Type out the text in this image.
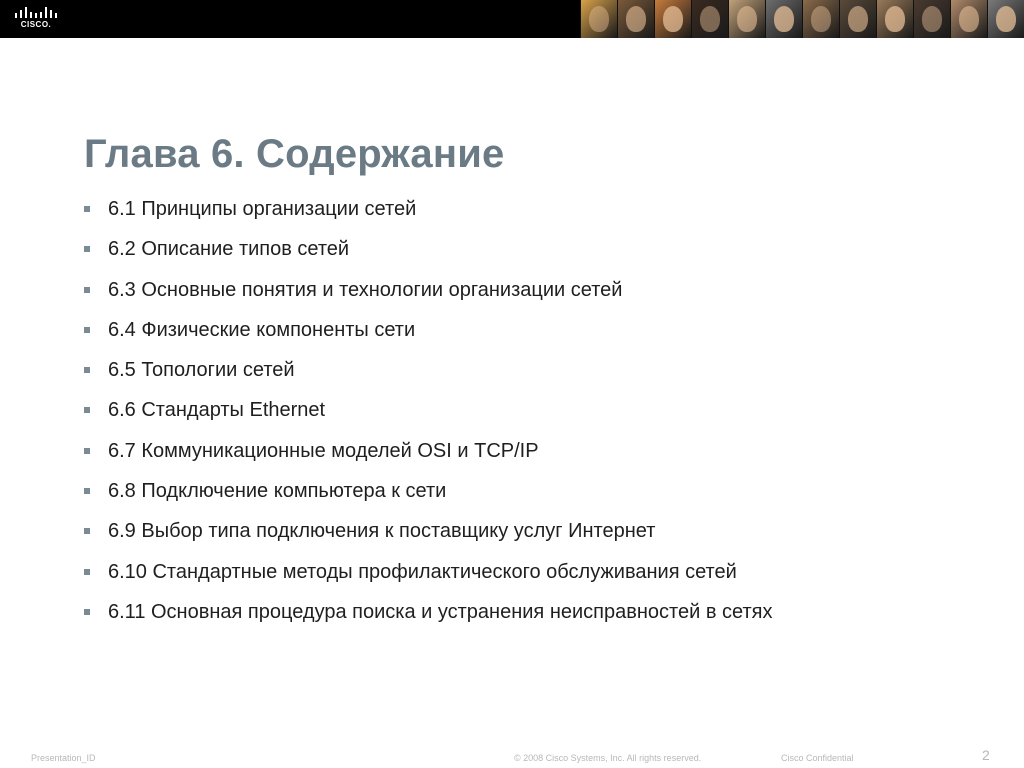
CISCO.
Глава 6. Содержание
6.1 Принципы организации сетей
6.2 Описание типов сетей
6.3 Основные понятия и технологии организации сетей
6.4 Физические компоненты сети
6.5 Топологии сетей
6.6 Стандарты Ethernet
6.7 Коммуникационные моделей OSI и TCP/IP
6.8 Подключение компьютера к сети
6.9 Выбор типа подключения к поставщику услуг Интернет
6.10 Стандартные методы профилактического обслуживания сетей
6.11 Основная процедура поиска и устранения неисправностей в сетях
Presentation_ID	© 2008 Cisco Systems, Inc. All rights reserved.	Cisco Confidential	2
